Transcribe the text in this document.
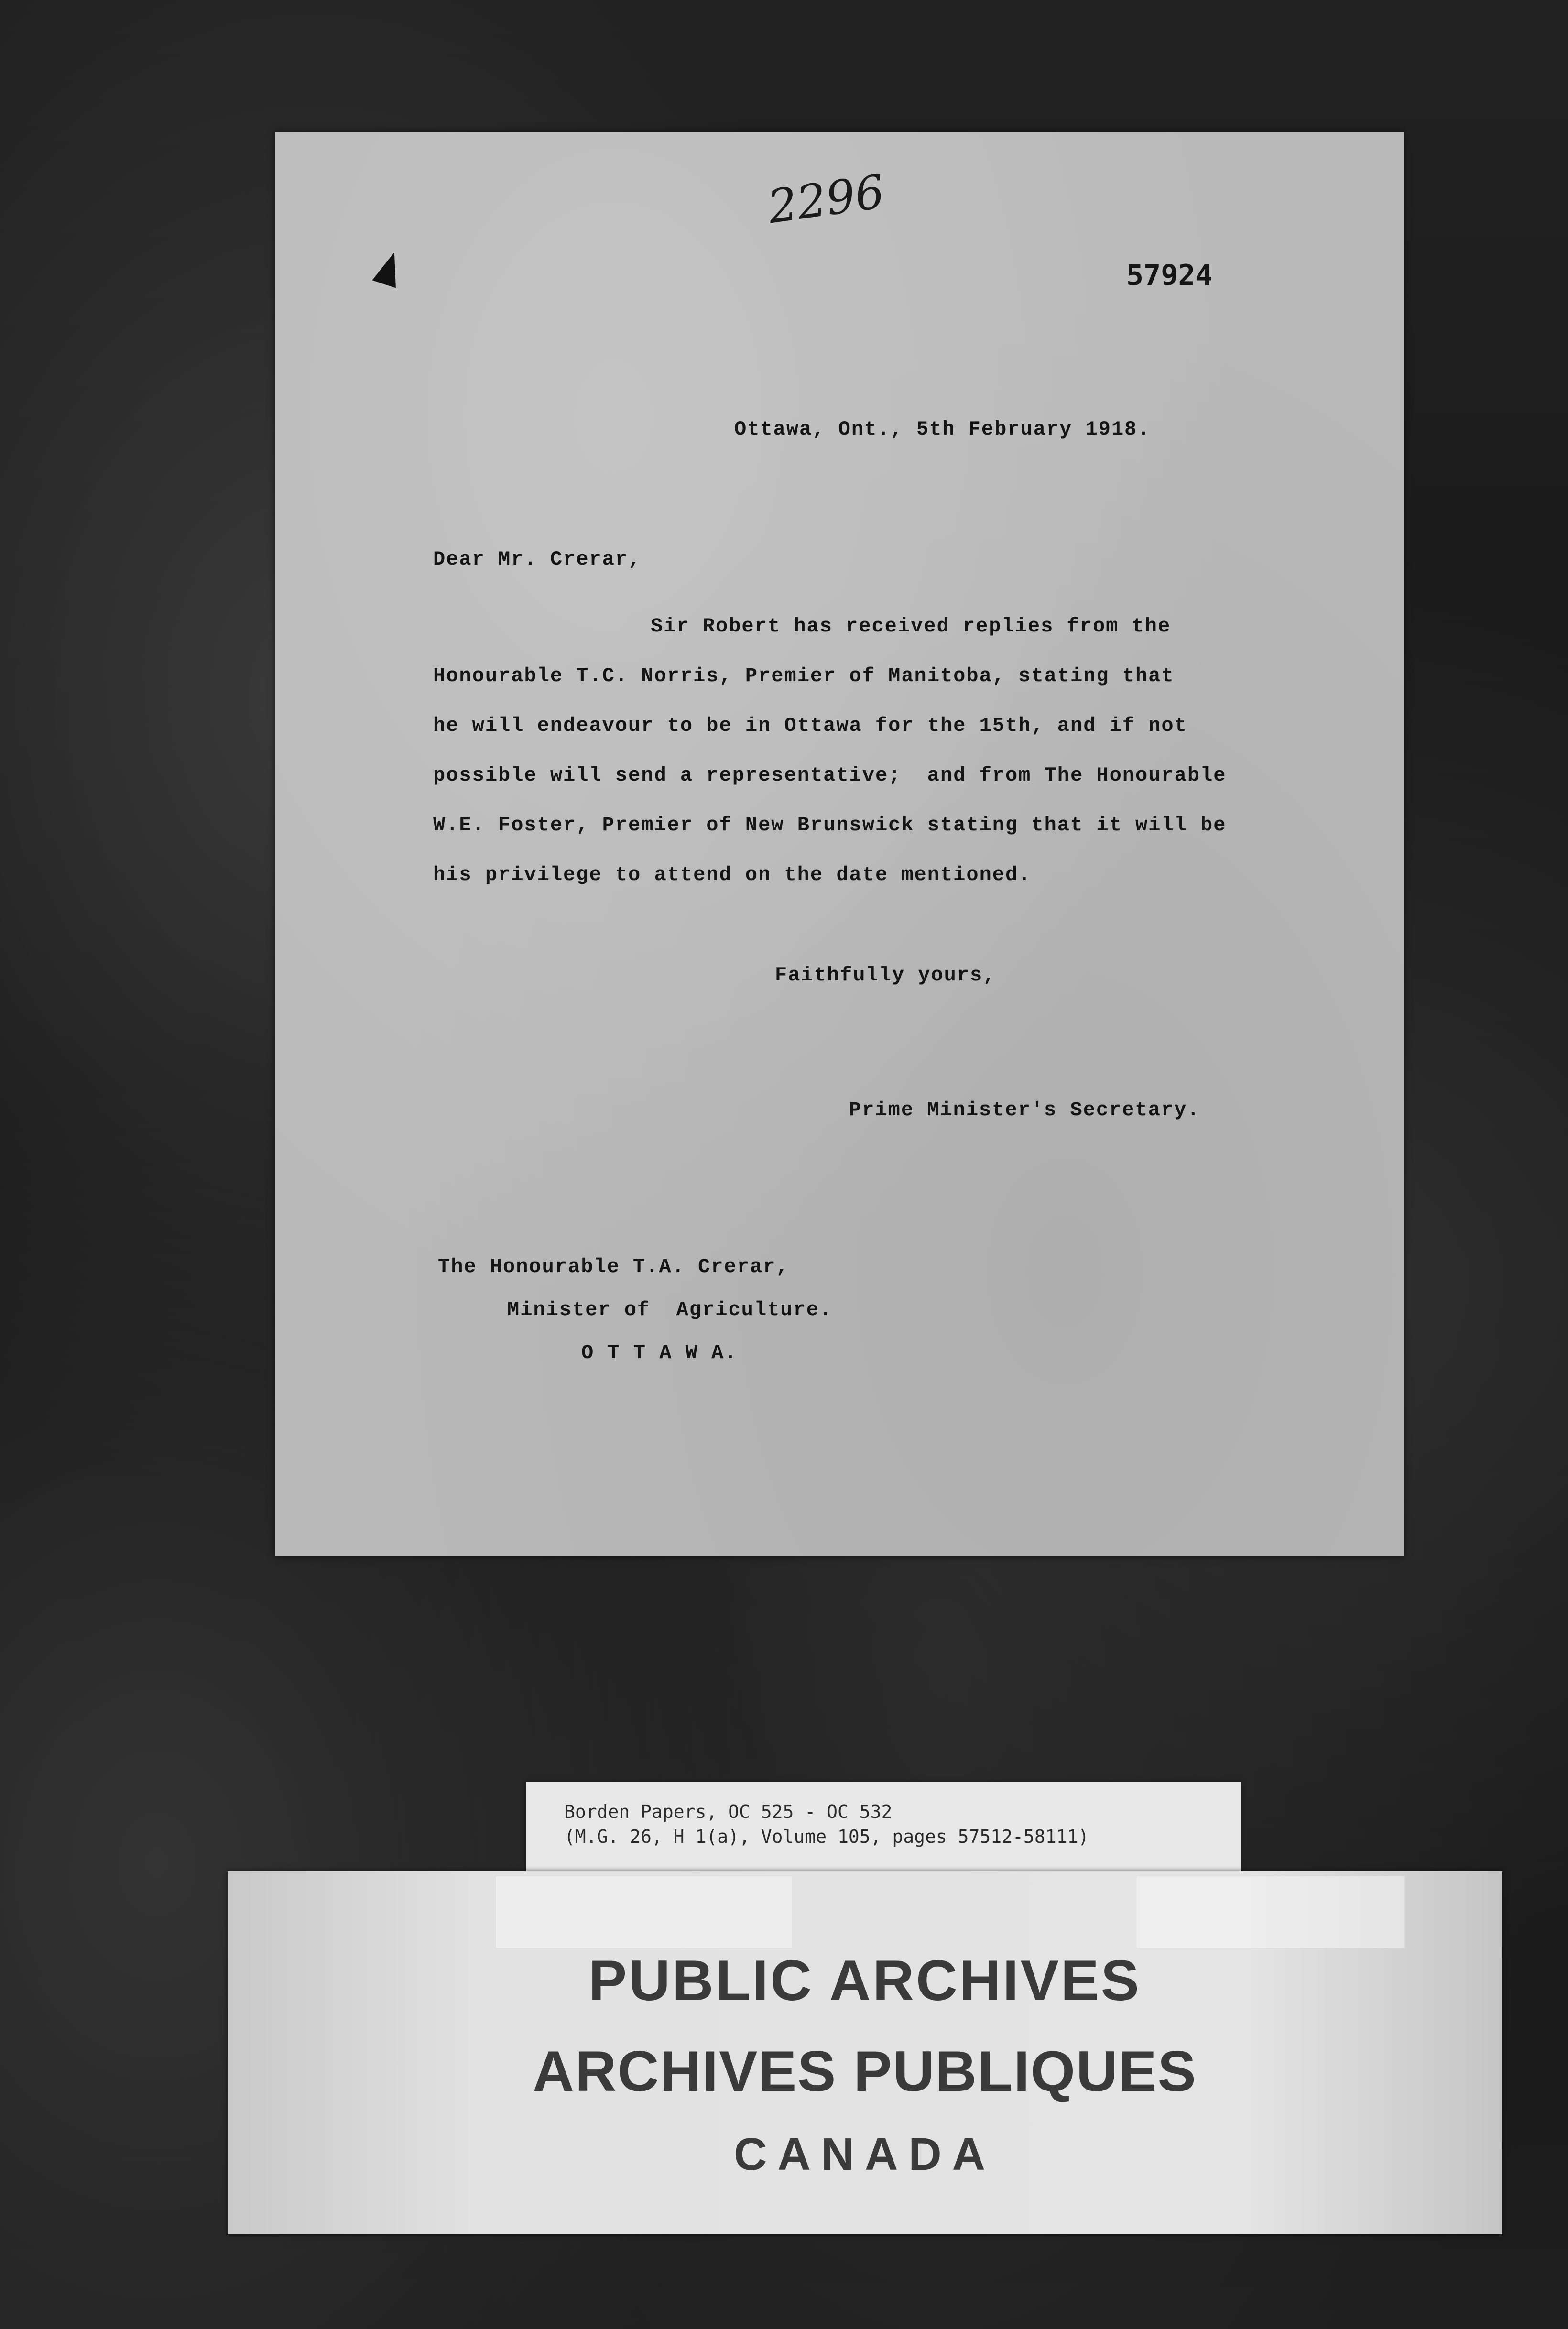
2296
57924
Ottawa, Ont., 5th February 1918.
Dear Mr. Crerar,
Sir Robert has received replies from the
Honourable T.C. Norris, Premier of Manitoba, stating that
he will endeavour to be in Ottawa for the 15th, and if not
possible will send a representative;  and from The Honourable
W.E. Foster, Premier of New Brunswick stating that it will be
his privilege to attend on the date mentioned.
Faithfully yours,
Prime Minister's Secretary.
The Honourable T.A. Crerar,
Minister of  Agriculture.
O T T A W A.
Borden Papers, OC 525 - OC 532
(M.G. 26, H 1(a), Volume 105, pages 57512-58111)
PUBLIC ARCHIVES
ARCHIVES PUBLIQUES
CANADA
